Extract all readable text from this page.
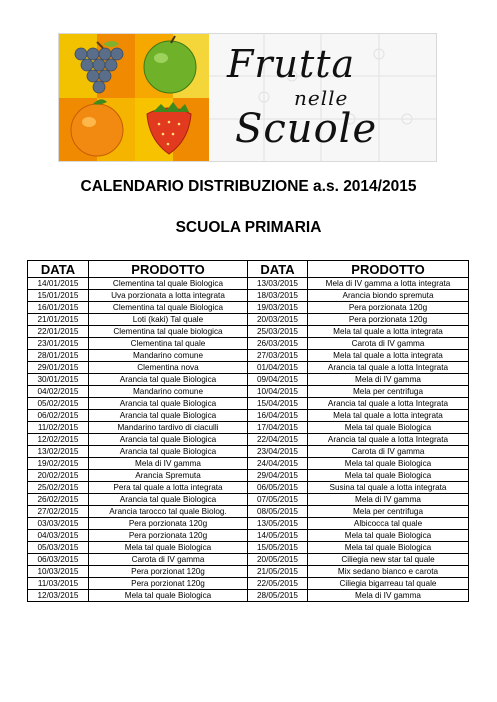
Frutta
nelle
Scuole
CALENDARIO DISTRIBUZIONE a.s. 2014/2015
SCUOLA PRIMARIA
DATA	PRODOTTO	DATA	PRODOTTO
14/01/2015	Clementina tal quale Biologica	13/03/2015	Mela di IV gamma a lotta integrata
15/01/2015	Uva porzionata a lotta integrata	18/03/2015	Arancia biondo spremuta
16/01/2015	Clementina tal quale Biologica	19/03/2015	Pera porzionata 120g
21/01/2015	Loti (kaki) Tal quale	20/03/2015	Pera porzionata 120g
22/01/2015	Clementina tal quale biologica	25/03/2015	Mela tal quale a lotta integrata
23/01/2015	Clementina tal quale	26/03/2015	Carota di IV gamma
28/01/2015	Mandarino comune	27/03/2015	Mela tal quale a lotta integrata
29/01/2015	Clementina nova	01/04/2015	Arancia tal quale a lotta Integrata
30/01/2015	Arancia tal quale Biologica	09/04/2015	Mela di IV gamma
04/02/2015	Mandarino comune	10/04/2015	Mela per centrifuga
05/02/2015	Arancia tal quale Biologica	15/04/2015	Arancia tal quale a lotta Integrata
06/02/2015	Arancia tal quale Biologica	16/04/2015	Mela tal quale a lotta integrata
11/02/2015	Mandarino tardivo di ciaculli	17/04/2015	Mela tal quale Biologica
12/02/2015	Arancia tal quale Biologica	22/04/2015	Arancia tal quale a lotta Integrata
13/02/2015	Arancia tal quale Biologica	23/04/2015	Carota di IV gamma
19/02/2015	Mela di IV gamma	24/04/2015	Mela tal quale Biologica
20/02/2015	Arancia Spremuta	29/04/2015	Mela tal quale Biologica
25/02/2015	Pera tal quale a lotta integrata	06/05/2015	Susina tal quale a lotta integrata
26/02/2015	Arancia tal quale Biologica	07/05/2015	Mela di IV gamma
27/02/2015	Arancia tarocco tal quale Biolog.	08/05/2015	Mela per centrifuga
03/03/2015	Pera porzionata 120g	13/05/2015	Albicocca tal quale
04/03/2015	Pera porzionata 120g	14/05/2015	Mela tal quale Biologica
05/03/2015	Mela tal quale Biologica	15/05/2015	Mela tal quale Biologica
06/03/2015	Carota di IV gamma	20/05/2015	Ciliegia new star tal quale
10/03/2015	Pera porzionat 120g	21/05/2015	Mix sedano bianco e carota
11/03/2015	Pera porzionat 120g	22/05/2015	Ciliegia bigarreau tal quale
12/03/2015	Mela tal quale Biologica	28/05/2015	Mela di IV gamma
